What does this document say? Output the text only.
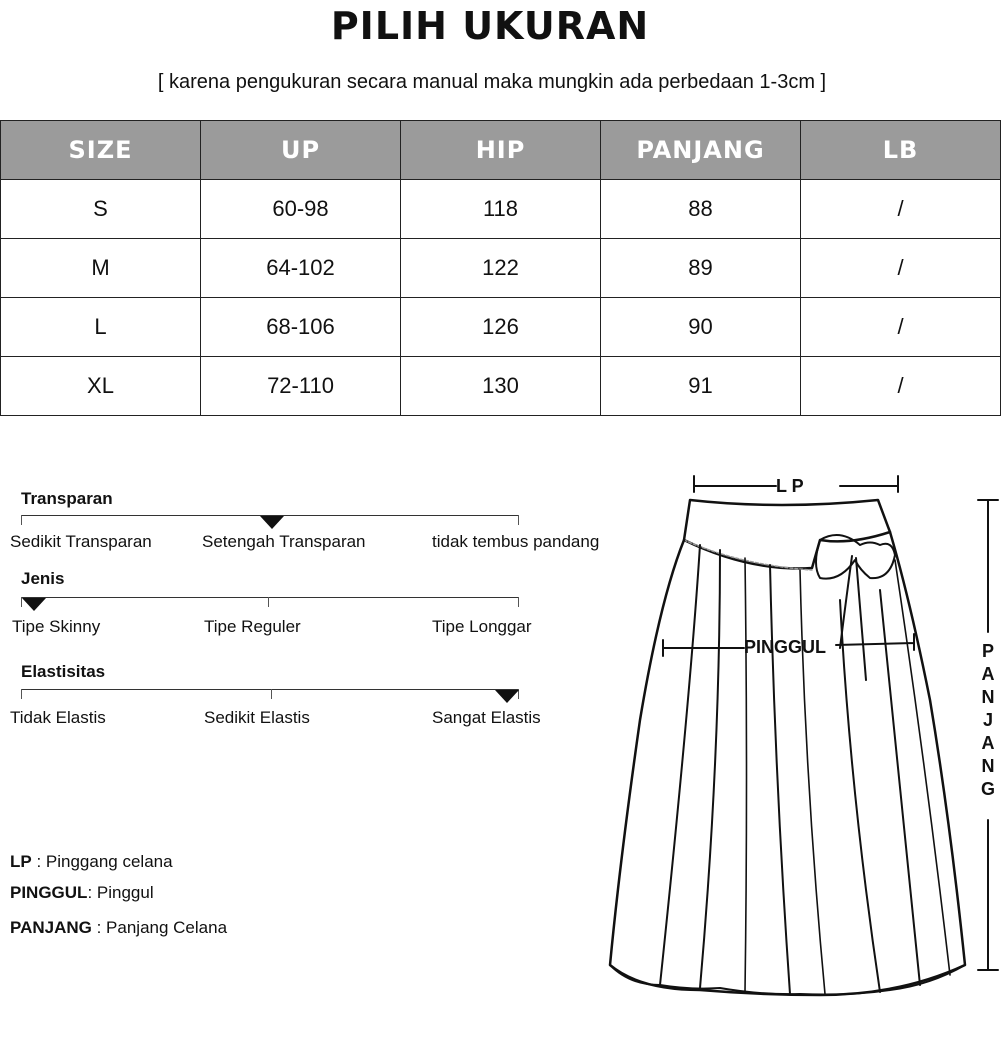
PILIH UKURAN
[ karena pengukuran secara manual maka mungkin ada perbedaan 1-3cm ]
SIZE	UP	HIP	PANJANG	LB
S	60-98	118	88	/
M	64-102	122	89	/
L	68-106	126	90	/
XL	72-110	130	91	/
Transparan
Sedikit Transparan	Setengah Transparan	tidak tembus pandang
Jenis
Tipe Skinny	Tipe Reguler	Tipe Longgar
Elastisitas
Tidak Elastis	Sedikit Elastis	Sangat Elastis
LP : Pinggang celana
PINGGUL: Pinggul
PANJANG : Panjang Celana
L P
PINGGUL	P
A
N
J
A
N
G
